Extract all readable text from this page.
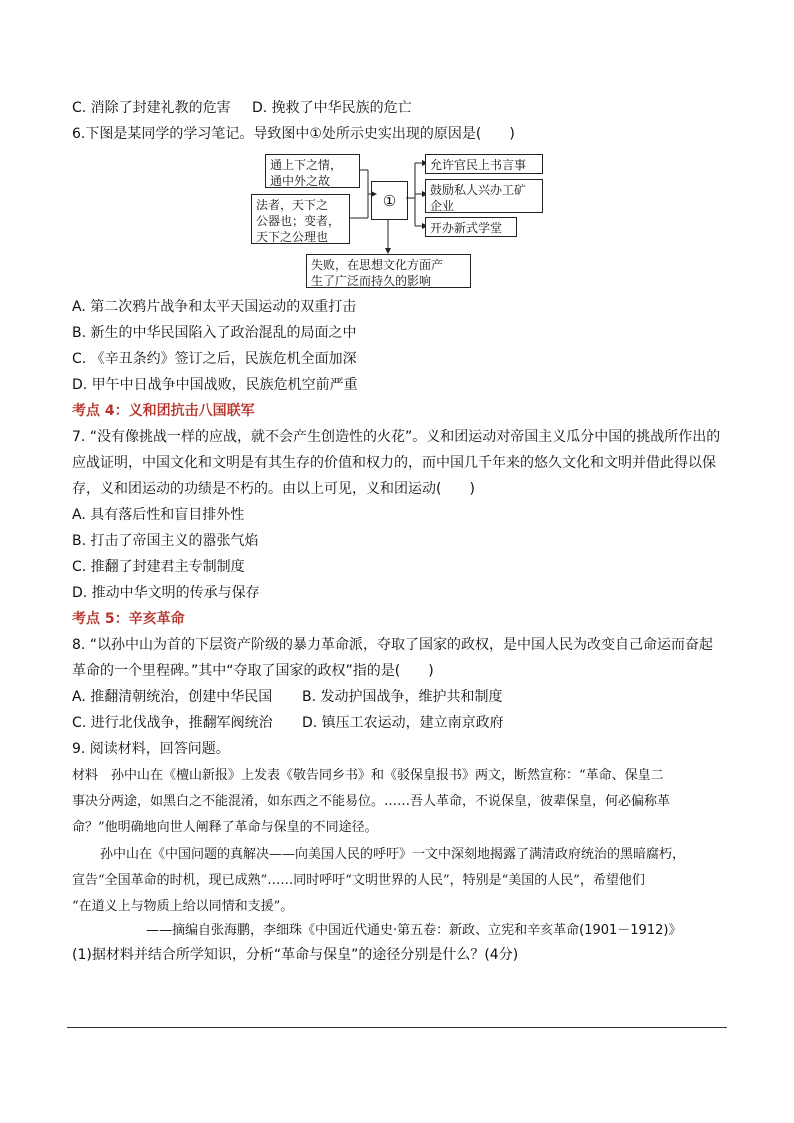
C. 消除了封建礼教的危害 D. 挽救了中华民族的危亡
6.下图是某同学的学习笔记。导致图中①处所示史实出现的原因是(　　)
通上下之情，
通中外之故
法者，天下之
公器也；变者，
天下之公理也
①
允许官民上书言事
鼓励私人兴办工矿
企业
开办新式学堂
失败，在思想文化方面产
生了广泛而持久的影响
A. 第二次鸦片战争和太平天国运动的双重打击
B. 新生的中华民国陷入了政治混乱的局面之中
C. 《辛丑条约》签订之后，民族危机全面加深
D. 甲午中日战争中国战败，民族危机空前严重
考点 4：义和团抗击八国联军
7. “没有像挑战一样的应战，就不会产生创造性的火花”。义和团运动对帝国主义瓜分中国的挑战所作出的
应战证明，中国文化和文明是有其生存的价值和权力的，而中国几千年来的悠久文化和文明并借此得以保
存，义和团运动的功绩是不朽的。由以上可见，义和团运动(　　)
A. 具有落后性和盲目排外性
B. 打击了帝国主义的嚣张气焰
C. 推翻了封建君主专制制度
D. 推动中华文明的传承与保存
考点 5：辛亥革命
8. “以孙中山为首的下层资产阶级的暴力革命派，夺取了国家的政权，是中国人民为改变自己命运而奋起
革命的一个里程碑。”其中“夺取了国家的政权”指的是(　　)
A. 推翻清朝统治，创建中华民国 B. 发动护国战争，维护共和制度
C. 进行北伐战争，推翻军阀统治 D. 镇压工农运动，建立南京政府
9. 阅读材料，回答问题。
材料　孙中山在《檀山新报》上发表《敬告同乡书》和《驳保皇报书》两文，断然宣称：“革命、保皇二
事决分两途，如黑白之不能混淆，如东西之不能易位。……吾人革命，不说保皇，彼辈保皇，何必偏称革
命？”他明确地向世人阐释了革命与保皇的不同途径。
孙中山在《中国问题的真解决——向美国人民的呼吁》一文中深刻地揭露了满清政府统治的黑暗腐朽，
宣告“全国革命的时机，现已成熟”……同时呼吁“文明世界的人民”，特别是“美国的人民”，希望他们
“在道义上与物质上给以同情和支援”。
——摘编自张海鹏，李细珠《中国近代通史·第五卷：新政、立宪和辛亥革命(1901－1912)》
(1)据材料并结合所学知识，分析“革命与保皇”的途径分别是什么？(4分)
